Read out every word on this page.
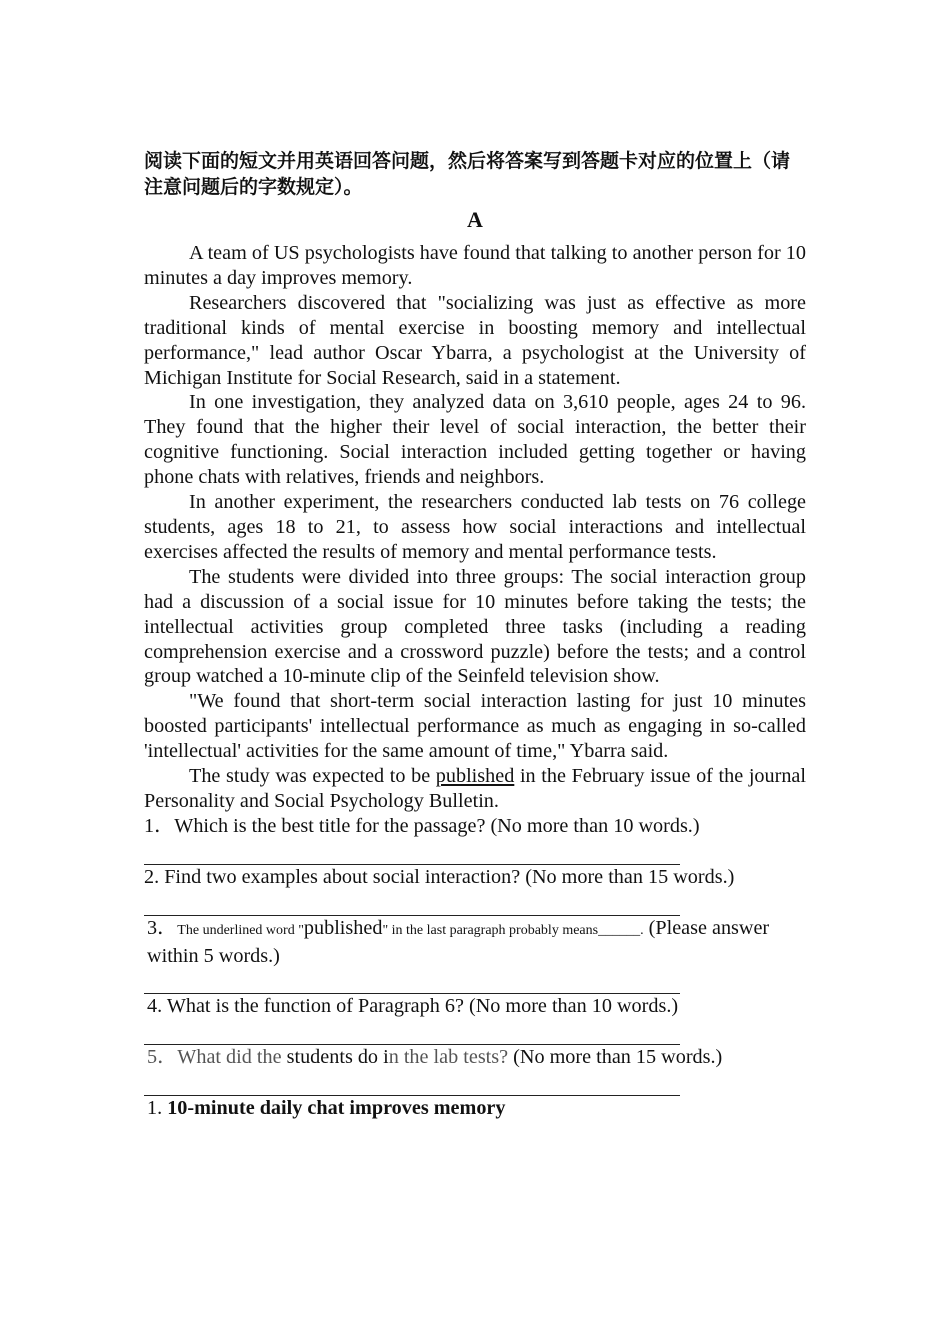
阅读下面的短文并用英语回答问题，然后将答案写到答题卡对应的位置上（请注意问题后的字数规定）。

A

A team of US psychologists have found that talking to another person for 10 minutes a day improves memory.

Researchers discovered that "socializing was just as effective as more traditional kinds of mental exercise in boosting memory and intellectual performance," lead author Oscar Ybarra, a psychologist at the University of Michigan Institute for Social Research, said in a statement.

In one investigation, they analyzed data on 3,610 people, ages 24 to 96. They found that the higher their level of social interaction, the better their cognitive functioning. Social interaction included getting together or having phone chats with relatives, friends and neighbors.

In another experiment, the researchers conducted lab tests on 76 college students, ages 18 to 21, to assess how social interactions and intellectual exercises affected the results of memory and mental performance tests.

The students were divided into three groups: The social interaction group had a discussion of a social issue for 10 minutes before taking the tests; the intellectual activities group completed three tasks (including a reading comprehension exercise and a crossword puzzle) before the tests; and a control group watched a 10-minute clip of the Seinfeld television show.

"We found that short-term social interaction lasting for just 10 minutes boosted participants' intellectual performance as much as engaging in so-called 'intellectual' activities for the same amount of time," Ybarra said.

The study was expected to be published in the February issue of the journal Personality and Social Psychology Bulletin.

1．Which is the best title for the passage? (No more than 10 words.)

2. Find two examples about social interaction? (No more than 15 words.)

3．The underlined word "published" in the last paragraph probably means______. (Please answer within 5 words.)

4. What is the function of Paragraph 6? (No more than 10 words.)

5．What did the students do in the lab tests? (No more than 15 words.)

1. 10-minute daily chat improves memory
